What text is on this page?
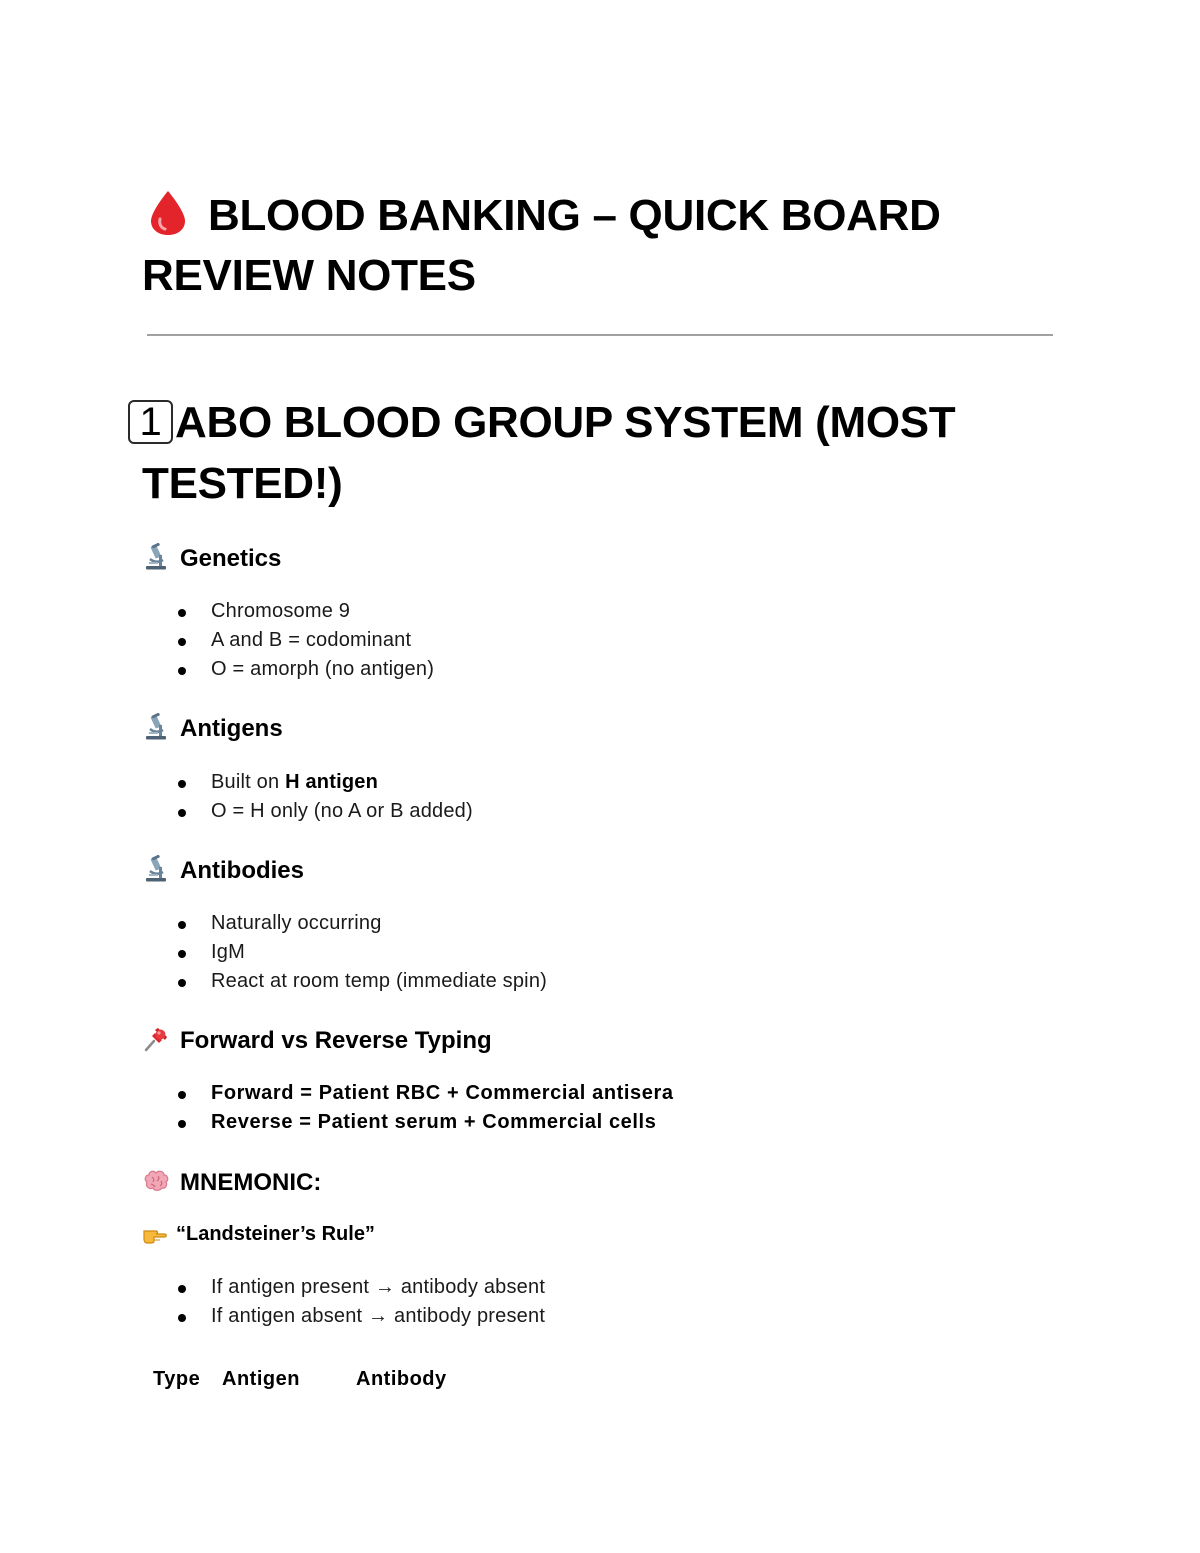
BLOOD BANKING – QUICK BOARD
REVIEW NOTES
1 ABO BLOOD GROUP SYSTEM (MOST
TESTED!)
Genetics
Chromosome 9
A and B = codominant
O = amorph (no antigen)
Antigens
Built on H antigen
O = H only (no A or B added)
Antibodies
Naturally occurring
IgM
React at room temp (immediate spin)
Forward vs Reverse Typing
Forward = Patient RBC + Commercial antisera
Reverse = Patient serum + Commercial cells
MNEMONIC:
“Landsteiner’s Rule”
If antigen present → antibody absent
If antigen absent → antibody present
Type Antigen	Antibody
